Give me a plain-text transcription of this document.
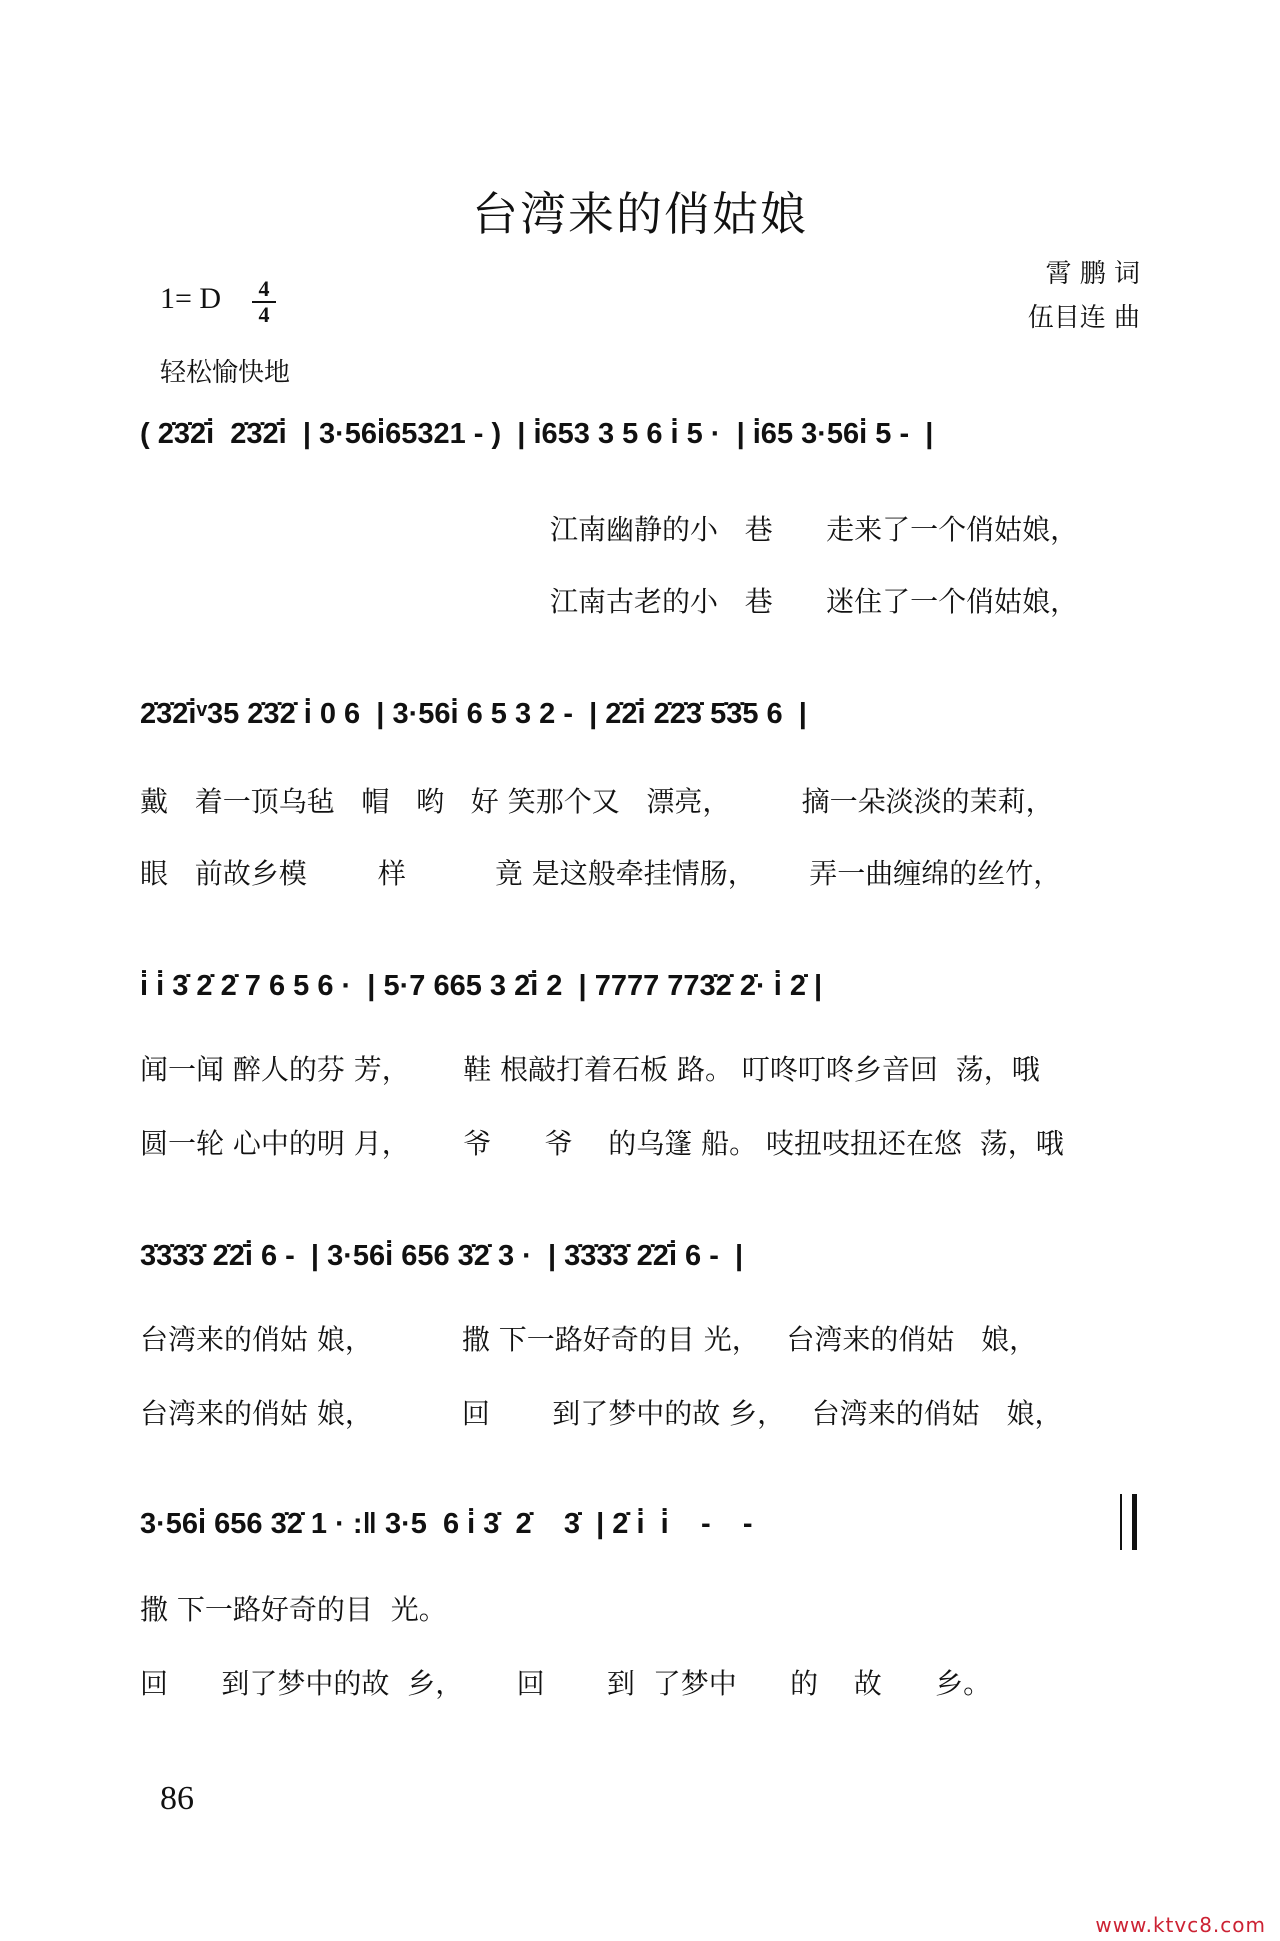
台湾来的俏姑娘
霄 鹏 词
伍目连 曲
1= D 4
4
轻松愉快地
( 2̇3̇2̇i̇  2̇3̇2̇i̇  | 3·56i̇65321 - )  | i̇653 3 5 6 i̇ 5 ·  | i̇65 3·56i̇ 5 -  |
江南幽静的小   巷      走来了一个俏姑娘，
江南古老的小   巷      迷住了一个俏姑娘，
2̇3̇2̇i̇ᵛ35 2̇3̇2̇ i̇ 0 6  | 3·56i̇ 6 5 3 2 -  | 2̇2̇i̇ 2̇2̇3̇ 5̇3̇5 6  |
戴   着一顶乌毡   帽   哟   好 笑那个又   漂亮，        摘一朵淡淡的茉莉，
眼   前故乡模        样          竟 是这般牵挂情肠，      弄一曲缠绵的丝竹，
i̇ i̇ 3̇ 2̇ 2̇ 7 6 5 6 ·  | 5·7 665 3 2̇i̇ 2  | 7777 773̇2̇ 2̇· i̇ 2̇ |
闻一闻 醉人的芬 芳，      鞋 根敲打着石板 路。 叮咚叮咚乡音回  荡，哦
圆一轮 心中的明 月，      爷      爷    的乌篷 船。 吱扭吱扭还在悠  荡，哦
3̇3̇3̇3̇ 2̇2̇i̇ 6 -  | 3·56i̇ 656 3̇2̇ 3 ·  | 3̇3̇3̇3̇ 2̇2̇i̇ 6 -  |
台湾来的俏姑 娘，          撒 下一路好奇的目 光，   台湾来的俏姑   娘，
台湾来的俏姑 娘，          回       到了梦中的故 乡，   台湾来的俏姑   娘，
3·56i̇ 656 3̇2̇ 1 · :‖ 3·5  6 i̇ 3̇  2̇    3̇  | 2̇ i̇  i̇    -    -
撒 下一路好奇的目  光。
回      到了梦中的故  乡，      回       到  了梦中      的    故      乡。
86
www.ktvc8.com
